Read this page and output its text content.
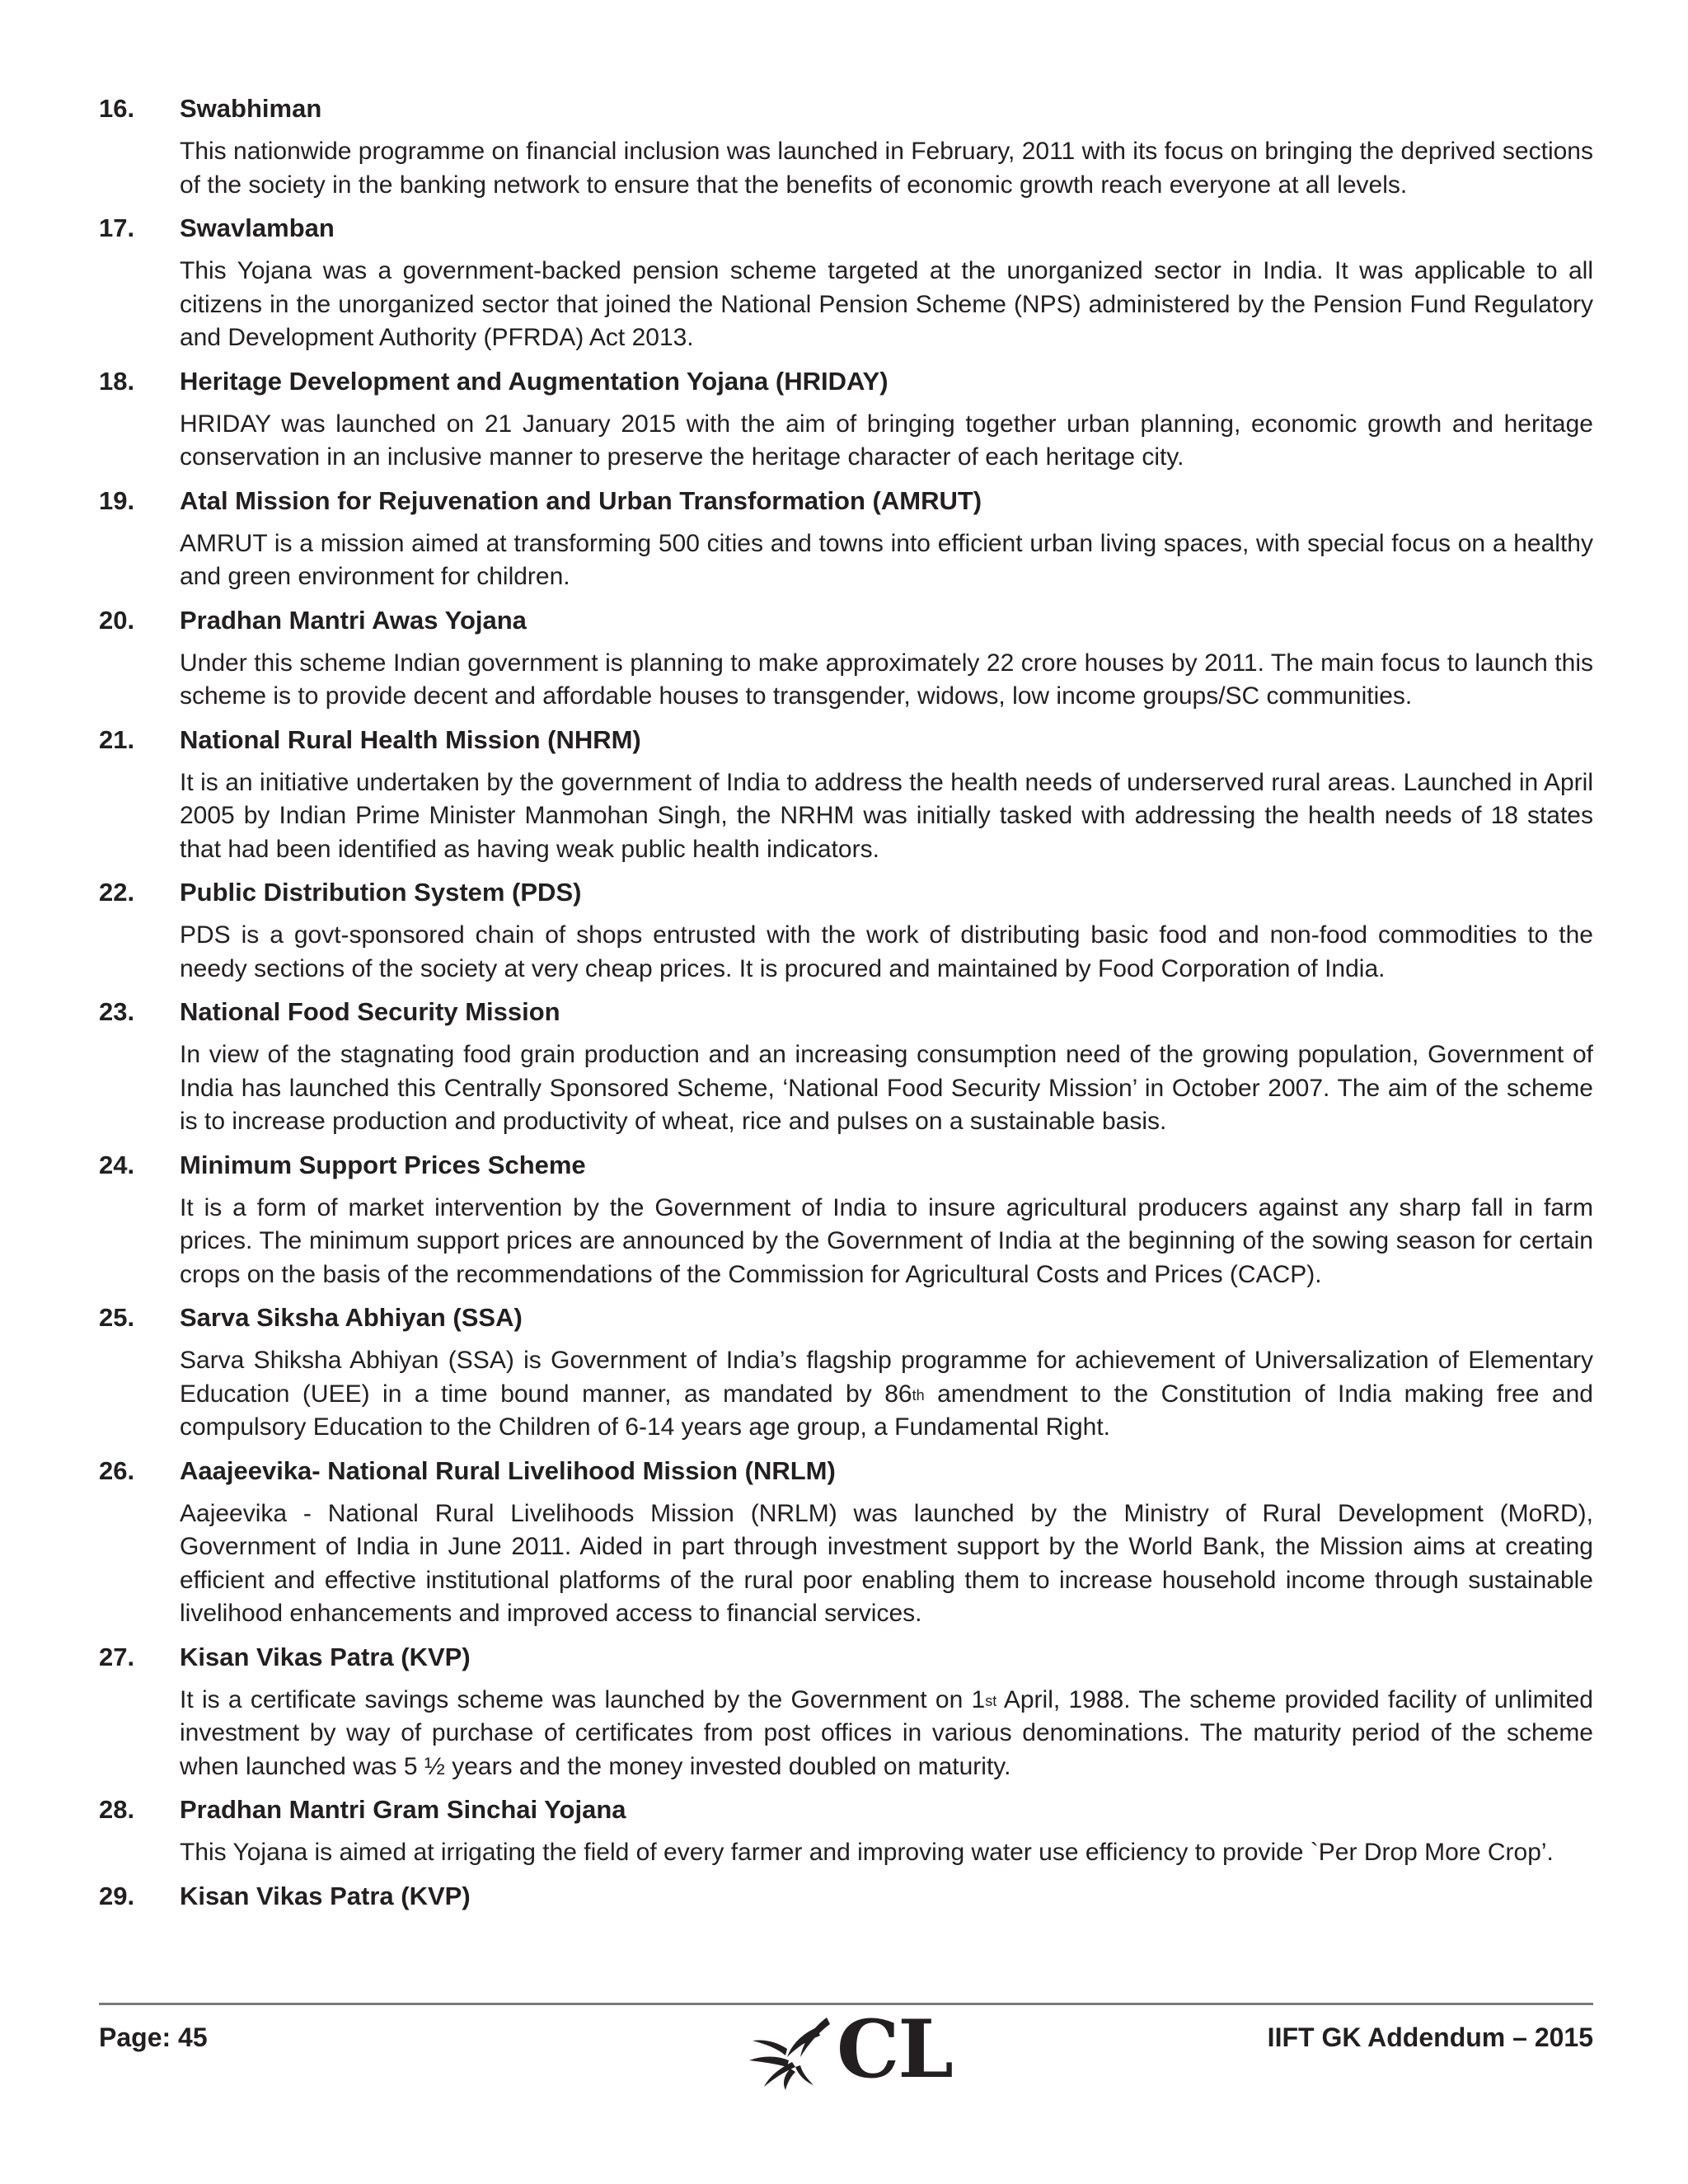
16.	Swabhiman
This nationwide programme on financial inclusion was launched in February, 2011 with its focus on bringing the deprived sections of the society in the banking network to ensure that the benefits of economic growth reach everyone at all levels.
17.	Swavlamban
This Yojana was a government-backed pension scheme targeted at the unorganized sector in India. It was applicable to all citizens in the unorganized sector that joined the National Pension Scheme (NPS) administered by the Pension Fund Regulatory and Development Authority (PFRDA) Act 2013.
18.	Heritage Development and Augmentation Yojana (HRIDAY)
HRIDAY was launched on 21 January 2015 with the aim of bringing together urban planning, economic growth and heritage conservation in an inclusive manner to preserve the heritage character of each heritage city.
19.	Atal Mission for Rejuvenation and Urban Transformation (AMRUT)
AMRUT is a mission aimed at transforming 500 cities and towns into efficient urban living spaces, with special focus on a healthy and green environment for children.
20.	Pradhan Mantri Awas Yojana
Under this scheme Indian government is planning to make approximately 22 crore houses by 2011. The main focus to launch this scheme is to provide decent and affordable houses to transgender, widows, low income groups/SC communities.
21.	National Rural Health Mission (NHRM)
It is an initiative undertaken by the government of India to address the health needs of underserved rural areas. Launched in April 2005 by Indian Prime Minister Manmohan Singh, the NRHM was initially tasked with addressing the health needs of 18 states that had been identified as having weak public health indicators.
22.	Public Distribution System (PDS)
PDS is a govt-sponsored chain of shops entrusted with the work of distributing basic food and non-food commodities to the needy sections of the society at very cheap prices. It is procured and maintained by Food Corporation of India.
23.	National Food Security Mission
In view of the stagnating food grain production and an increasing consumption need of the growing population, Government of India has launched this Centrally Sponsored Scheme, ‘National Food Security Mission’ in October 2007. The aim of the scheme is to increase production and productivity of wheat, rice and pulses on a sustainable basis.
24.	Minimum Support Prices Scheme
It is a form of market intervention by the Government of India to insure agricultural producers against any sharp fall in farm prices. The minimum support prices are announced by the Government of India at the beginning of the sowing season for certain crops on the basis of the recommendations of the Commission for Agricultural Costs and Prices (CACP).
25.	Sarva Siksha Abhiyan (SSA)
Sarva Shiksha Abhiyan (SSA) is Government of India’s flagship programme for achievement of Universalization of Elementary Education (UEE) in a time bound manner, as mandated by 86th amendment to the Constitution of India making free and compulsory Education to the Children of 6-14 years age group, a Fundamental Right.
26.	Aaajeevika- National Rural Livelihood Mission (NRLM)
Aajeevika - National Rural Livelihoods Mission (NRLM) was launched by the Ministry of Rural Development (MoRD), Government of India in June 2011. Aided in part through investment support by the World Bank, the Mission aims at creating efficient and effective institutional platforms of the rural poor enabling them to increase household income through sustainable livelihood enhancements and improved access to financial services.
27.	Kisan Vikas Patra (KVP)
It is a certificate savings scheme was launched by the Government on 1st April, 1988. The scheme provided facility of unlimited investment by way of purchase of certificates from post offices in various denominations. The maturity period of the scheme when launched was 5 ½ years and the money invested doubled on maturity.
28.	Pradhan Mantri Gram Sinchai Yojana
This Yojana is aimed at irrigating the field of every farmer and improving water use efficiency to provide `Per Drop More Crop’.
29.	Kisan Vikas Patra (KVP)
Page: 45	CL	IIFT GK Addendum – 2015
